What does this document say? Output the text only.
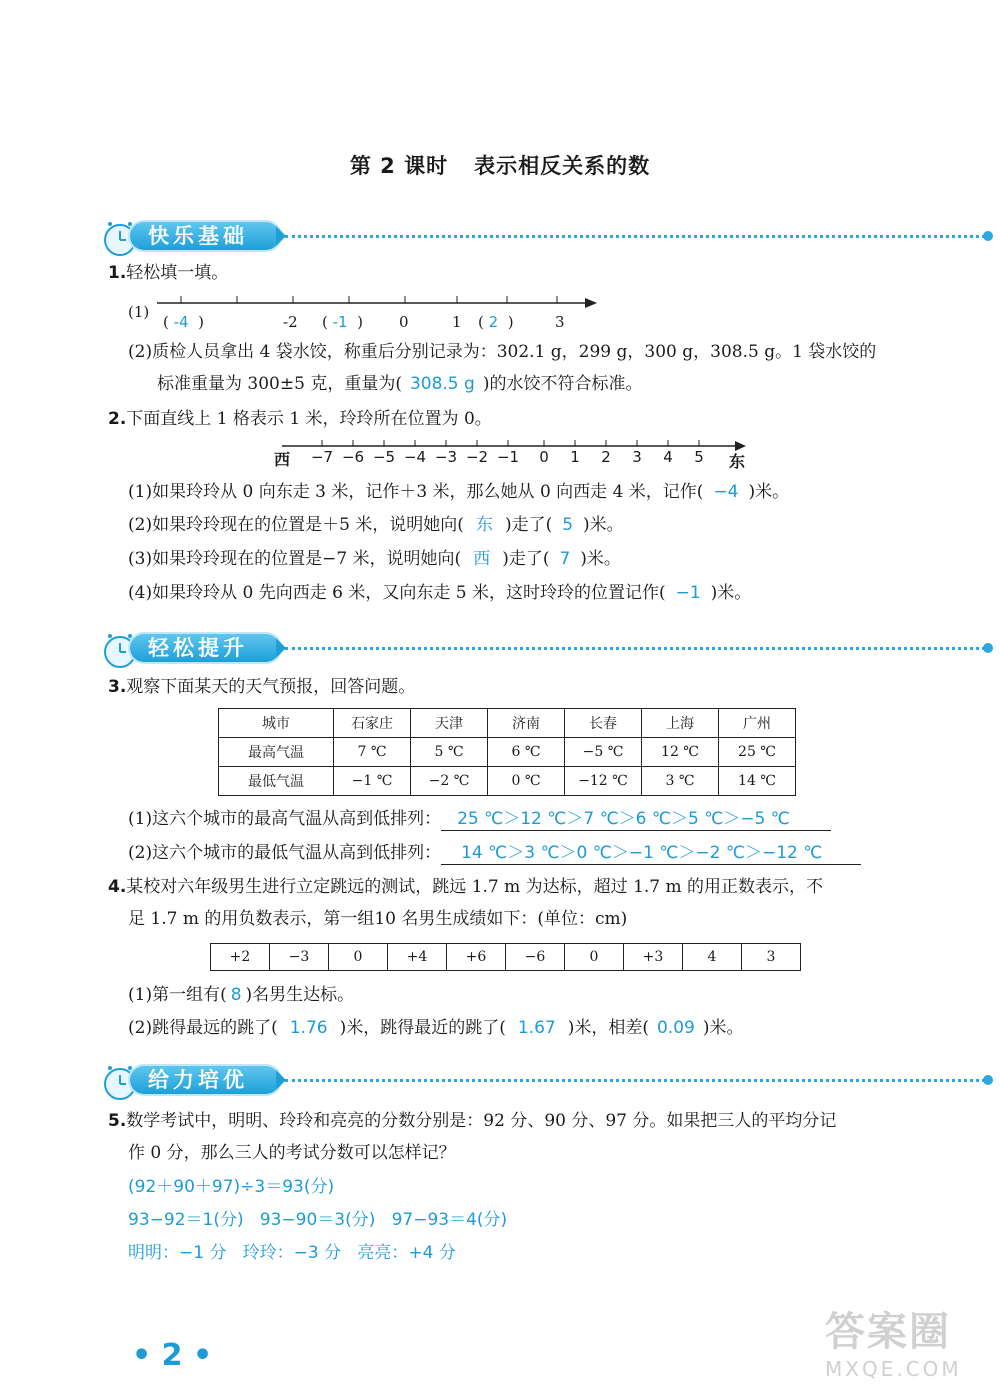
第 2 课时 表示相反关系的数
快乐基础
1.轻松填一填。
(1)
( -4  )	-2 ( -1  ) 0	1 ( 2  )	3
(2)质检人员拿出 4 袋水饺，称重后分别记录为：302.1 g，299 g，300 g，308.5 g。1 袋水饺的
标准重量为 300±5 克，重量为( 308.5 g )的水饺不符合标准。
2.下面直线上 1 格表示 1 米，玲玲所在位置为 0。
西	东
−7 −6 −5 −4 −3 −2 −1	0	1	2	3	4	5
(1)如果玲玲从 0 向东走 3 米，记作＋3 米，那么她从 0 向西走 4 米，记作( −4 )米。
(2)如果玲玲现在的位置是＋5 米，说明她向( 东 )走了( 5 )米。
(3)如果玲玲现在的位置是−7 米，说明她向( 西 )走了( 7 )米。
(4)如果玲玲从 0 先向西走 6 米，又向东走 5 米，这时玲玲的位置记作( −1 )米。
轻松提升
3.观察下面某天的天气预报，回答问题。
城市	石家庄	天津	济南	长春	上海	广州
最高气温	7 ℃	5 ℃	6 ℃	−5 ℃	12 ℃	25 ℃
最低气温	−1 ℃	−2 ℃	0 ℃	−12 ℃	3 ℃	14 ℃
(1)这六个城市的最高气温从高到低排列： 25 ℃＞12 ℃＞7 ℃＞6 ℃＞5 ℃＞−5 ℃
(2)这六个城市的最低气温从高到低排列： 14 ℃＞3 ℃＞0 ℃＞−1 ℃＞−2 ℃＞−12 ℃
4.某校对六年级男生进行立定跳远的测试，跳远 1.7 m 为达标，超过 1.7 m 的用正数表示，不
足 1.7 m 的用负数表示，第一组10 名男生成绩如下：(单位：cm)
+2	−3	0	+4	+6	−6	0	+3	4	3
(1)第一组有( 8 )名男生达标。
(2)跳得最远的跳了( 1.76 )米，跳得最近的跳了( 1.67 )米，相差( 0.09 )米。
给力培优
5.数学考试中，明明、玲玲和亮亮的分数分别是：92 分、90 分、97 分。如果把三人的平均分记
作 0 分，那么三人的考试分数可以怎样记？
(92＋90＋97)÷3＝93(分)
93−92＝1(分)   93−90＝3(分)   97−93＝4(分)
明明：−1 分   玲玲：−3 分   亮亮：+4 分
• 2 •
答案圈
MXQE.COM
